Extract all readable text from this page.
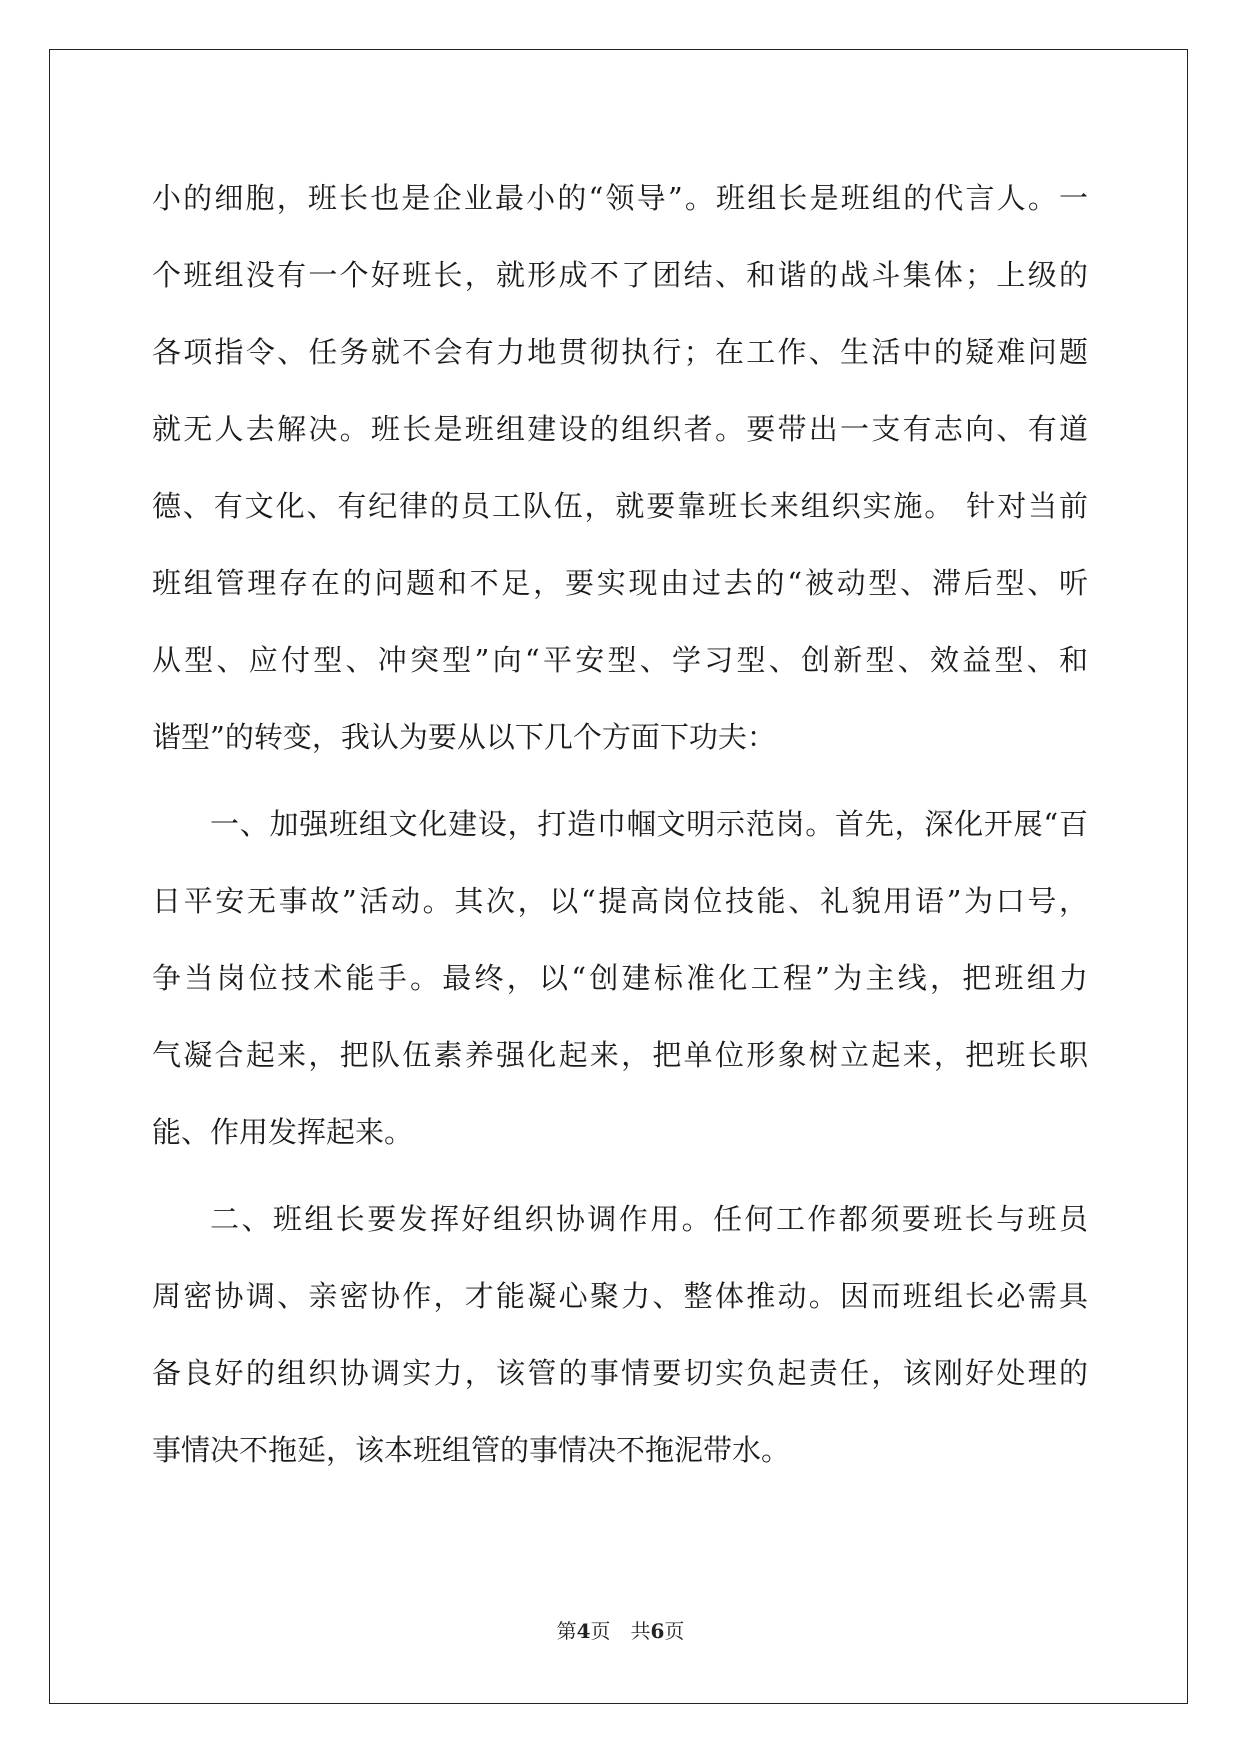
小的细胞，班长也是企业最小的“领导”。班组长是班组的代言人。一
个班组没有一个好班长，就形成不了团结、和谐的战斗集体；上级的
各项指令、任务就不会有力地贯彻执行；在工作、生活中的疑难问题
就无人去解决。班长是班组建设的组织者。要带出一支有志向、有道
德、有文化、有纪律的员工队伍，就要靠班长来组织实施。 针对当前
班组管理存在的问题和不足，要实现由过去的“被动型、滞后型、听
从型、应付型、冲突型”向“平安型、学习型、创新型、效益型、和
谐型”的转变，我认为要从以下几个方面下功夫：
一、加强班组文化建设，打造巾帼文明示范岗。首先，深化开展“百
日平安无事故”活动。其次，以“提高岗位技能、礼貌用语”为口号，
争当岗位技术能手。最终，以“创建标准化工程”为主线，把班组力
气凝合起来，把队伍素养强化起来，把单位形象树立起来，把班长职
能、作用发挥起来。
二、班组长要发挥好组织协调作用。任何工作都须要班长与班员
周密协调、亲密协作，才能凝心聚力、整体推动。因而班组长必需具
备良好的组织协调实力，该管的事情要切实负起责任，该刚好处理的
事情决不拖延，该本班组管的事情决不拖泥带水。
第4页 共6页
